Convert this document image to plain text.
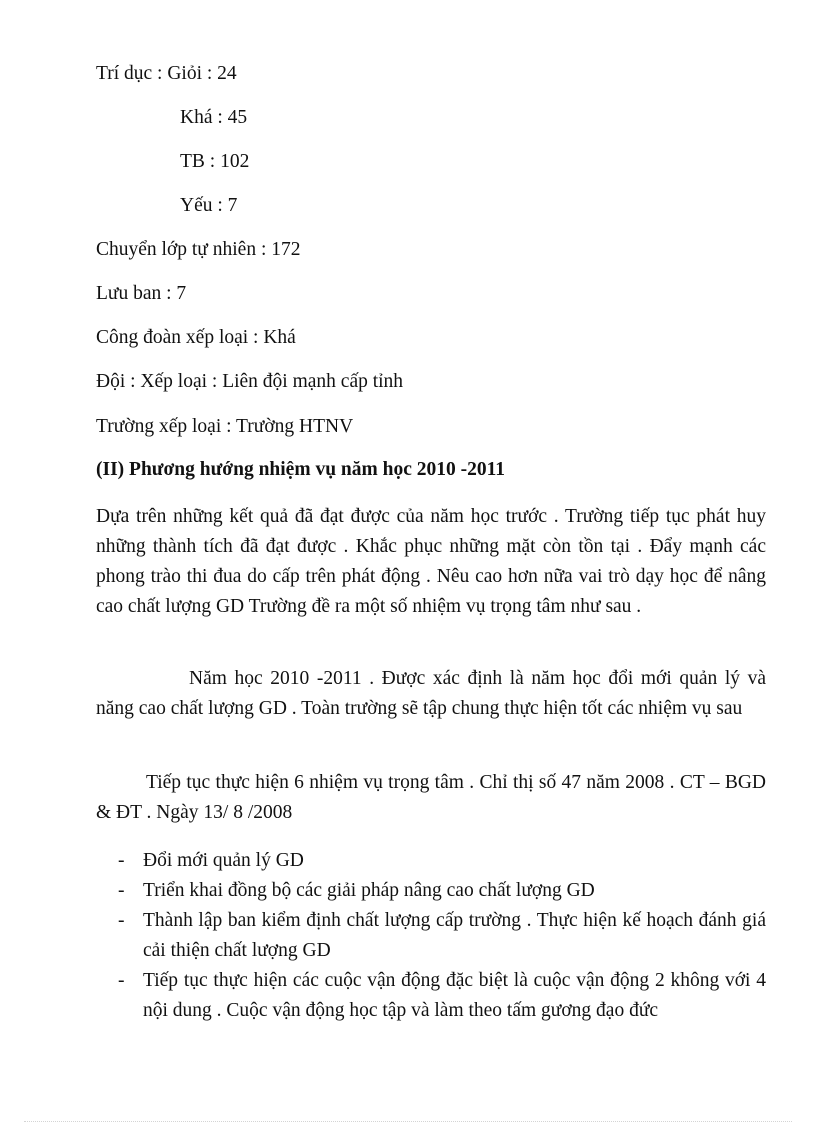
Trí dục : Giỏi : 24
Khá : 45
TB : 102
Yếu : 7
Chuyển lớp tự nhiên : 172
Lưu ban : 7
Công đoàn xếp loại : Khá
Đội : Xếp loại : Liên đội mạnh cấp tỉnh
Trường xếp loại : Trường HTNV
(II) Phương hướng nhiệm vụ năm học 2010 -2011

Dựa trên những kết quả đã đạt được của năm học trước . Trường tiếp tục phát huy những thành tích đã đạt được . Khắc phục những mặt còn tồn tại . Đẩy mạnh các phong trào thi đua do cấp trên phát động . Nêu cao hơn nữa vai trò dạy học để nâng cao chất lượng GD Trường đề ra một số nhiệm vụ trọng tâm như sau .

Năm học 2010 -2011 . Được xác định là năm học đổi mới quản lý và năng cao chất lượng GD . Toàn trường sẽ tập chung thực hiện tốt các nhiệm vụ sau

Tiếp tục thực hiện 6 nhiệm vụ trọng tâm . Chỉ thị số 47 năm 2008 . CT – BGD & ĐT . Ngày 13/ 8 /2008

- Đổi mới quản lý GD
- Triển khai đồng bộ các giải pháp nâng cao chất lượng GD
- Thành lập ban kiểm định chất lượng cấp trường . Thực hiện kế hoạch đánh giá cải thiện chất lượng GD
- Tiếp tục thực hiện các cuộc vận động đặc biệt là cuộc vận động 2 không với 4 nội dung . Cuộc vận động học tập và làm theo tấm gương đạo đức
